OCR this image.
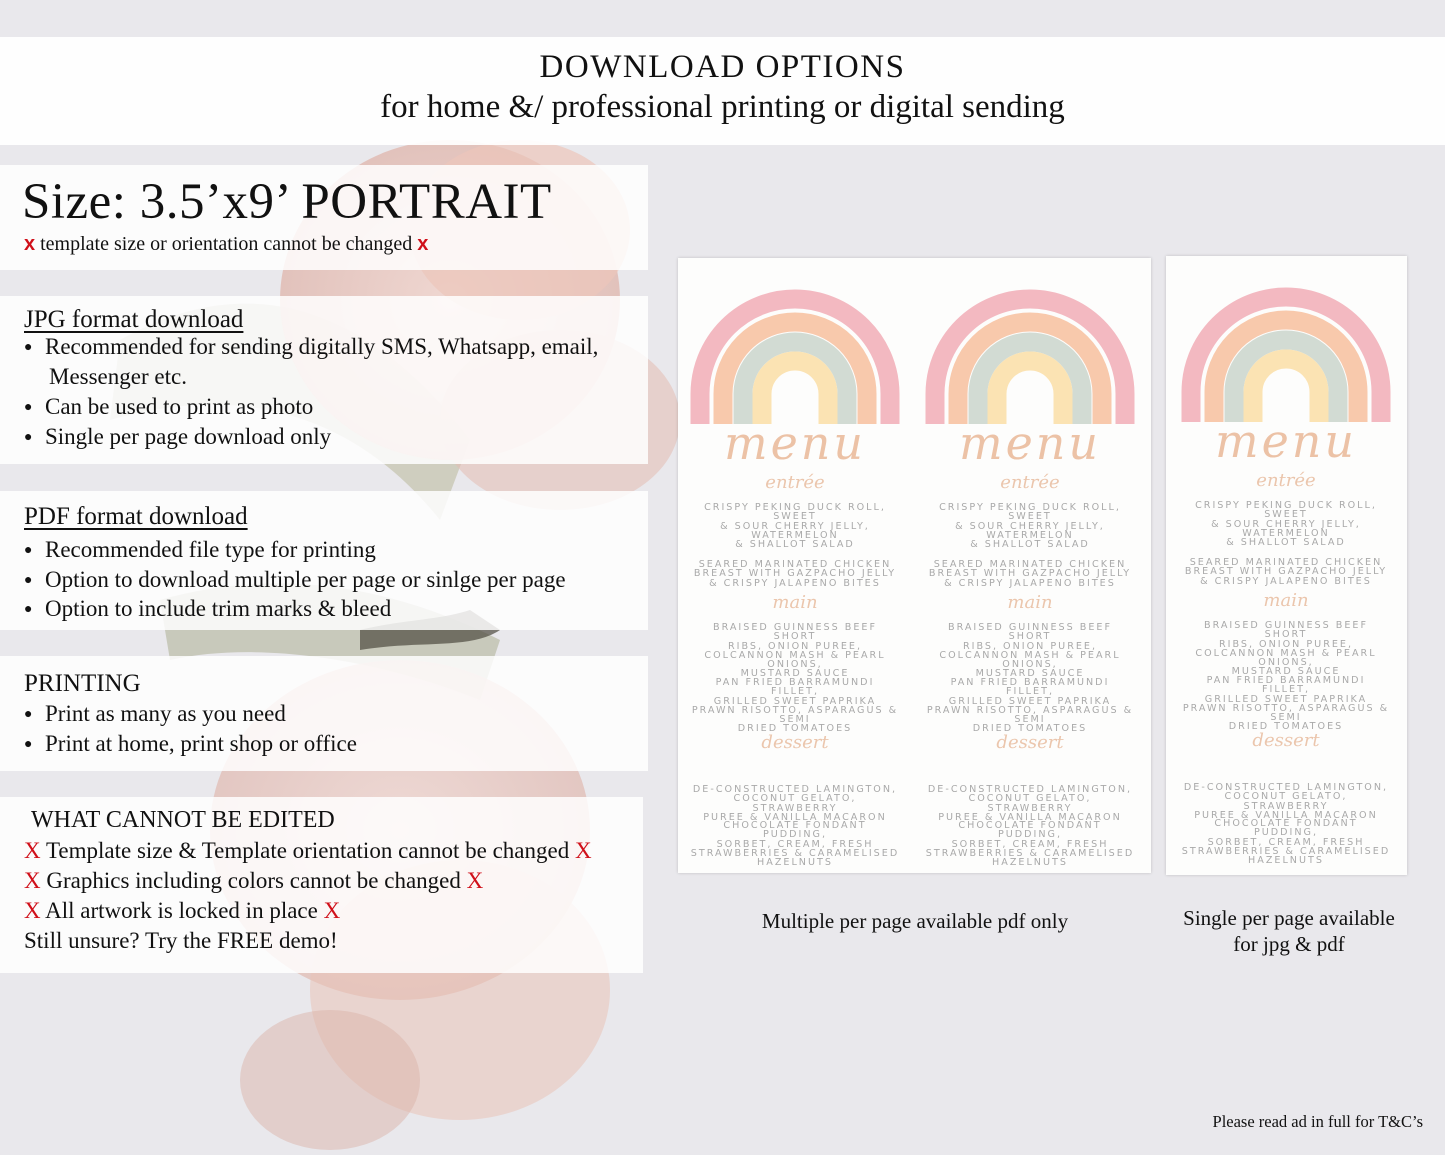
DOWNLOAD OPTIONS
for home &/ professional printing or digital sending
Size: 3.5’x9’ PORTRAIT
x template size or orientation cannot be changed x
JPG format download
● Recommended for sending digitally SMS, Whatsapp, email,
Messenger etc.
● Can be used to print as photo
● Single per page download only
PDF format download
● Recommended file type for printing
● Option to download multiple per page or sinlge per page
● Option to include trim marks & bleed
PRINTING
● Print as many as you need
● Print at home, print shop or office
WHAT CANNOT BE EDITED
X Template size & Template orientation cannot be changed X
X Graphics including colors cannot be changed X
X All artwork is locked in place X
Still unsure? Try the FREE demo!
menu
entrée
CRISPY PEKING DUCK ROLL, SWEET
& SOUR CHERRY JELLY, WATERMELON
& SHALLOT SALAD
SEARED MARINATED CHICKEN
BREAST WITH GAZPACHO JELLY
& CRISPY JALAPENO BITES
main
BRAISED GUINNESS BEEF SHORT
RIBS, ONION PUREE,
COLCANNON MASH & PEARL ONIONS,
MUSTARD SAUCE
PAN FRIED BARRAMUNDI FILLET,
GRILLED SWEET PAPRIKA
PRAWN RISOTTO, ASPARAGUS & SEMI
DRIED TOMATOES
dessert
DE-CONSTRUCTED LAMINGTON,
COCONUT GELATO, STRAWBERRY
PUREE & VANILLA MACARON
CHOCOLATE FONDANT PUDDING,
SORBET, CREAM, FRESH
STRAWBERRIES & CARAMELISED
HAZELNUTS
menu
entrée
CRISPY PEKING DUCK ROLL, SWEET
& SOUR CHERRY JELLY, WATERMELON
& SHALLOT SALAD
SEARED MARINATED CHICKEN
BREAST WITH GAZPACHO JELLY
& CRISPY JALAPENO BITES
main
BRAISED GUINNESS BEEF SHORT
RIBS, ONION PUREE,
COLCANNON MASH & PEARL ONIONS,
MUSTARD SAUCE
PAN FRIED BARRAMUNDI FILLET,
GRILLED SWEET PAPRIKA
PRAWN RISOTTO, ASPARAGUS & SEMI
DRIED TOMATOES
dessert
DE-CONSTRUCTED LAMINGTON,
COCONUT GELATO, STRAWBERRY
PUREE & VANILLA MACARON
CHOCOLATE FONDANT PUDDING,
SORBET, CREAM, FRESH
STRAWBERRIES & CARAMELISED
HAZELNUTS
menu
entrée
CRISPY PEKING DUCK ROLL, SWEET
& SOUR CHERRY JELLY, WATERMELON
& SHALLOT SALAD
SEARED MARINATED CHICKEN
BREAST WITH GAZPACHO JELLY
& CRISPY JALAPENO BITES
main
BRAISED GUINNESS BEEF SHORT
RIBS, ONION PUREE,
COLCANNON MASH & PEARL ONIONS,
MUSTARD SAUCE
PAN FRIED BARRAMUNDI FILLET,
GRILLED SWEET PAPRIKA
PRAWN RISOTTO, ASPARAGUS & SEMI
DRIED TOMATOES
dessert
DE-CONSTRUCTED LAMINGTON,
COCONUT GELATO, STRAWBERRY
PUREE & VANILLA MACARON
CHOCOLATE FONDANT PUDDING,
SORBET, CREAM, FRESH
STRAWBERRIES & CARAMELISED
HAZELNUTS
Multiple per page available pdf only	Single per page available
for jpg & pdf
Please read ad in full for T&C’s
